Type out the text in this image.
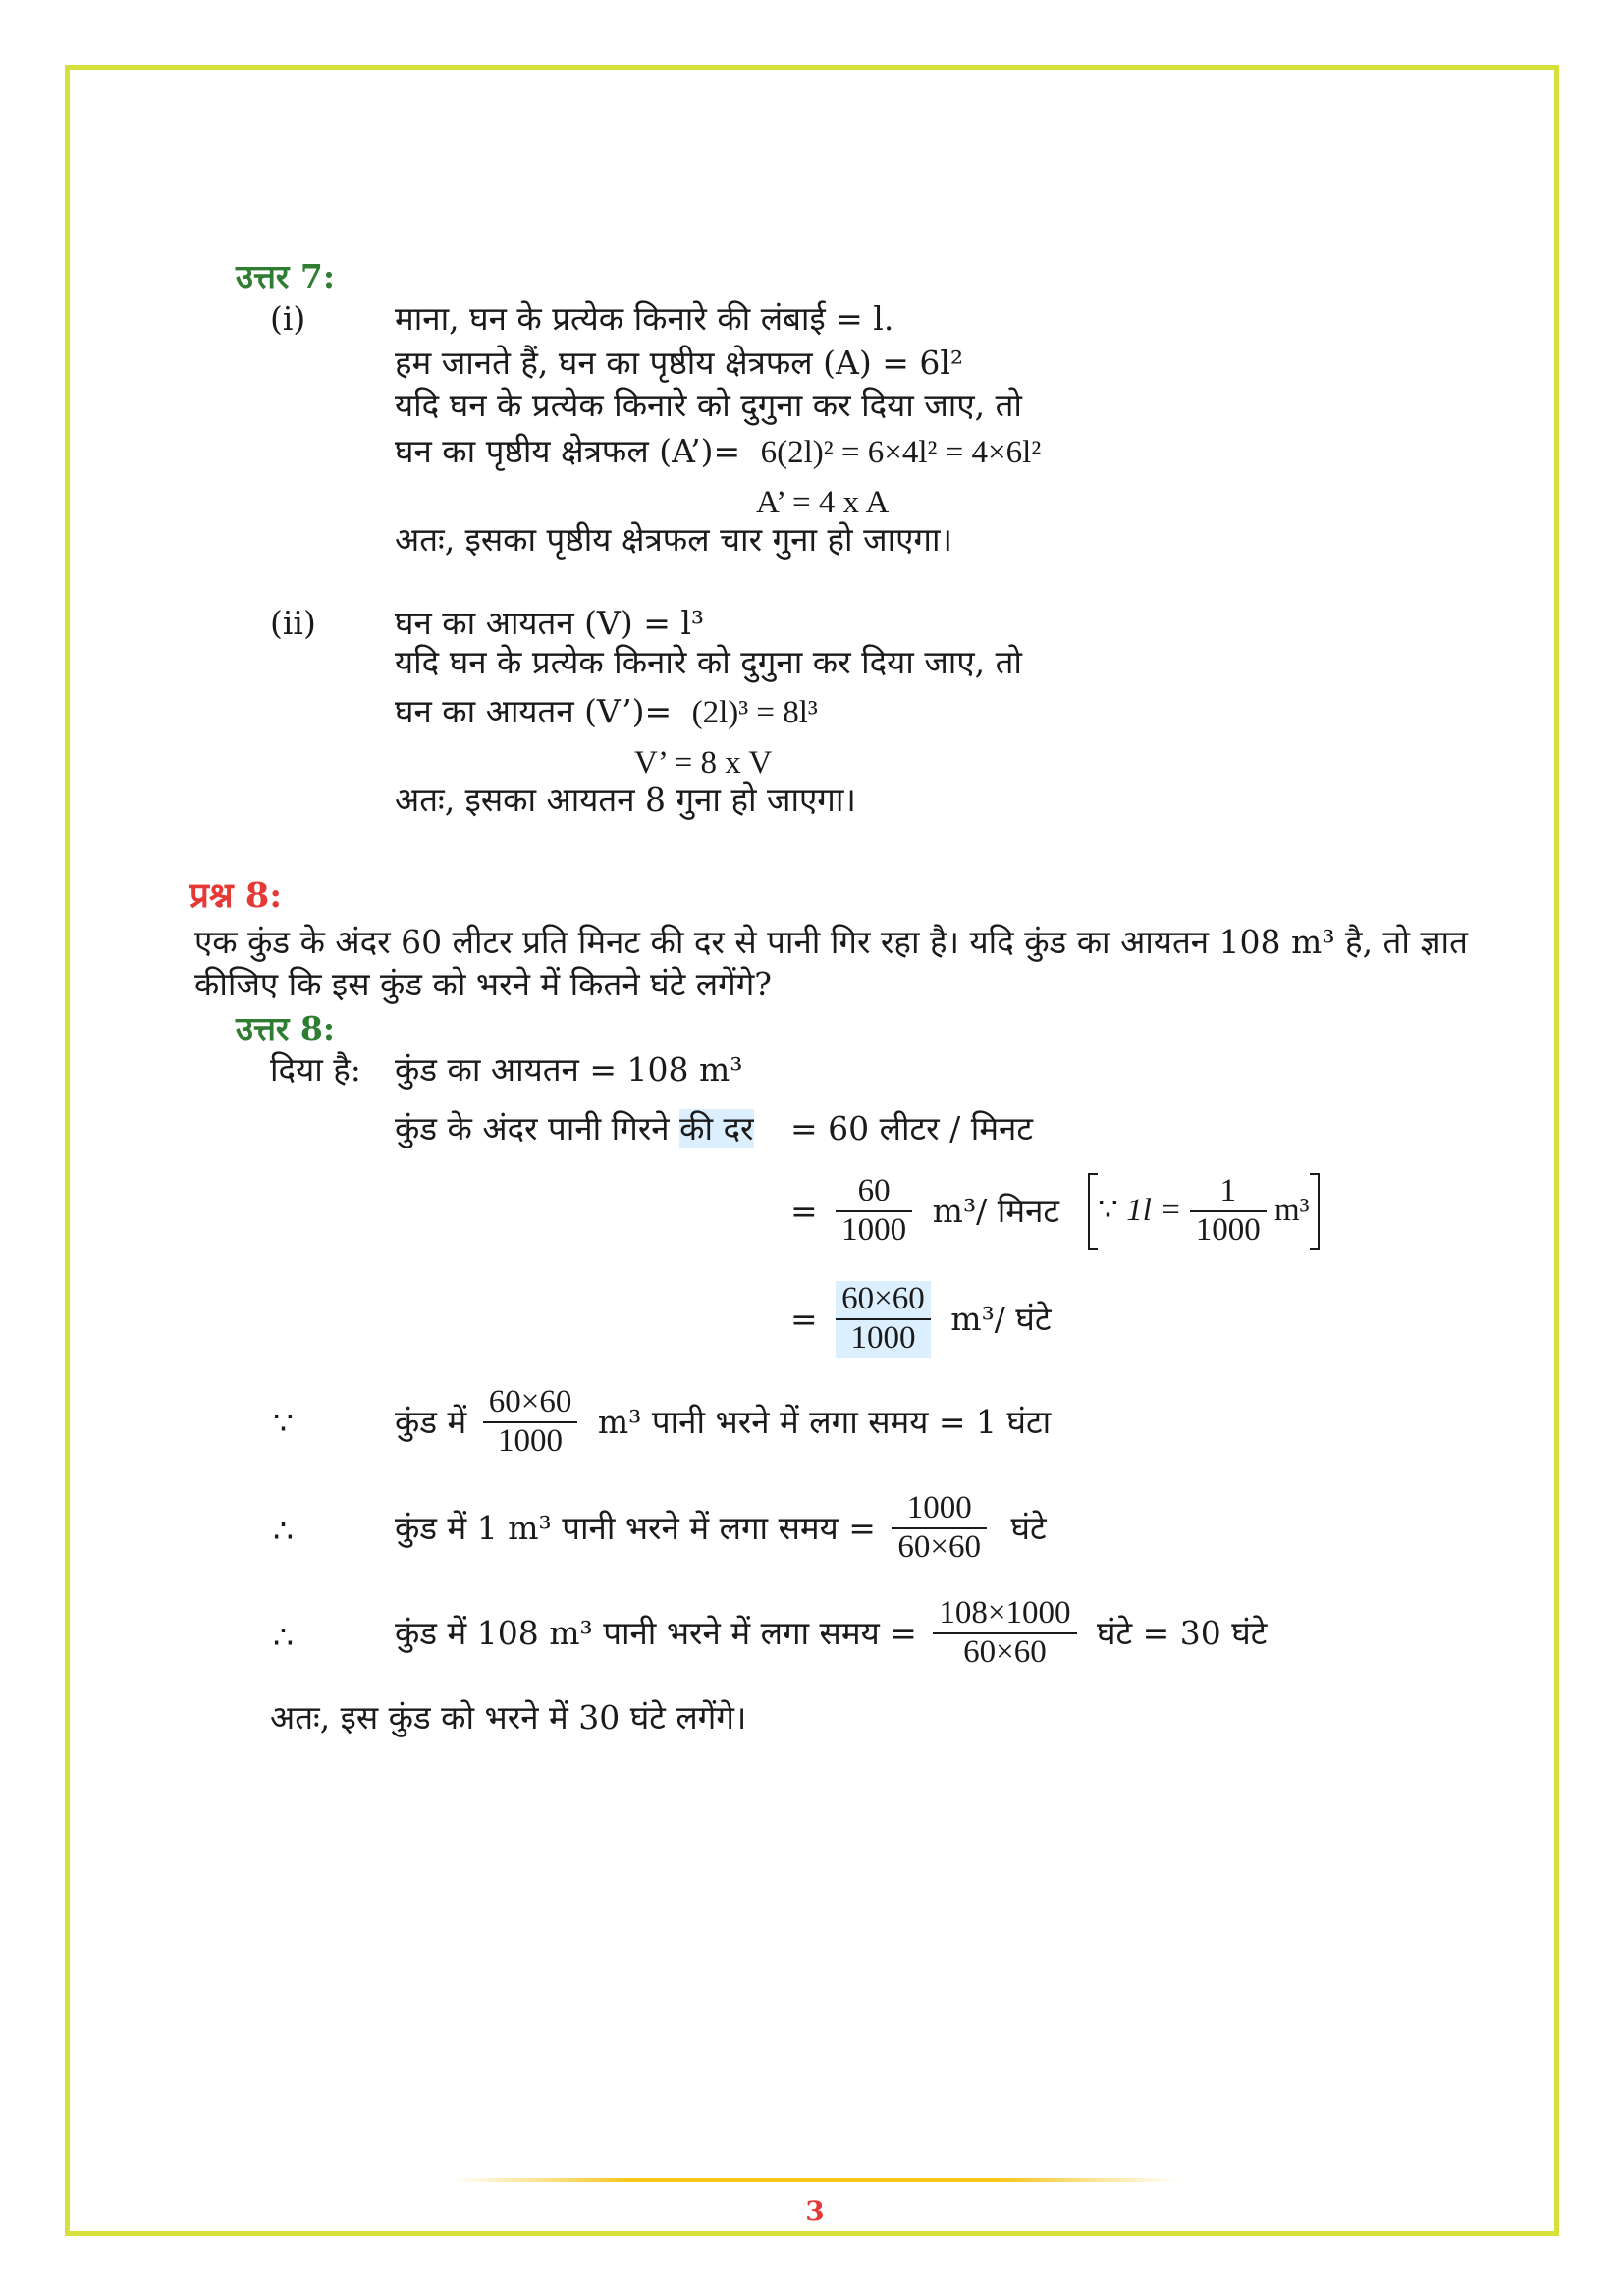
उत्तर 7:
(i)	माना, घन के प्रत्येक किनारे की लंबाई = l.
हम जानते हैं, घन का पृष्ठीय क्षेत्रफल (A) = 6l²
यदि घन के प्रत्येक किनारे को दुगुना कर दिया जाए, तो
घन का पृष्ठीय क्षेत्रफल (A’)= 6(2l)² = 6×4l² = 4×6l²
A’ = 4 x A
अतः, इसका पृष्ठीय क्षेत्रफल चार गुना हो जाएगा।
(ii) घन का आयतन (V) = l³
यदि घन के प्रत्येक किनारे को दुगुना कर दिया जाए, तो
घन का आयतन (V’)= (2l)³ = 8l³
V’ = 8 x V
अतः, इसका आयतन 8 गुना हो जाएगा।
प्रश्न 8:
एक कुंड के अंदर 60 लीटर प्रति मिनट की दर से पानी गिर रहा है। यदि कुंड का आयतन 108 m³ है, तो ज्ञात
कीजिए कि इस कुंड को भरने में कितने घंटे लगेंगे?
उत्तर 8:
दिया है: कुंड का आयतन = 108 m³
कुंड के अंदर पानी गिरने की दर = 60 लीटर / मिनट
= $\frac{60}{1000} m^3/$ मिनट	∵ $1l = \frac{1}{1000} m^3$
= $\frac{60\times 60}{1000} m^3/$ घंटे
∵	कुंड में $\frac{60\times 60}{1000} m^3$ पानी भरने में लगा समय = 1 घंटा
∴	कुंड में 1 m³ पानी भरने में लगा समय = $\frac{1000}{60\times 60}$ घंटे
∴	कुंड में 108 m³ पानी भरने में लगा समय = $\frac{108\times 1000}{60\times 60}$ घंटे = 30 घंटे
अतः, इस कुंड को भरने में 30 घंटे लगेंगे।
3
